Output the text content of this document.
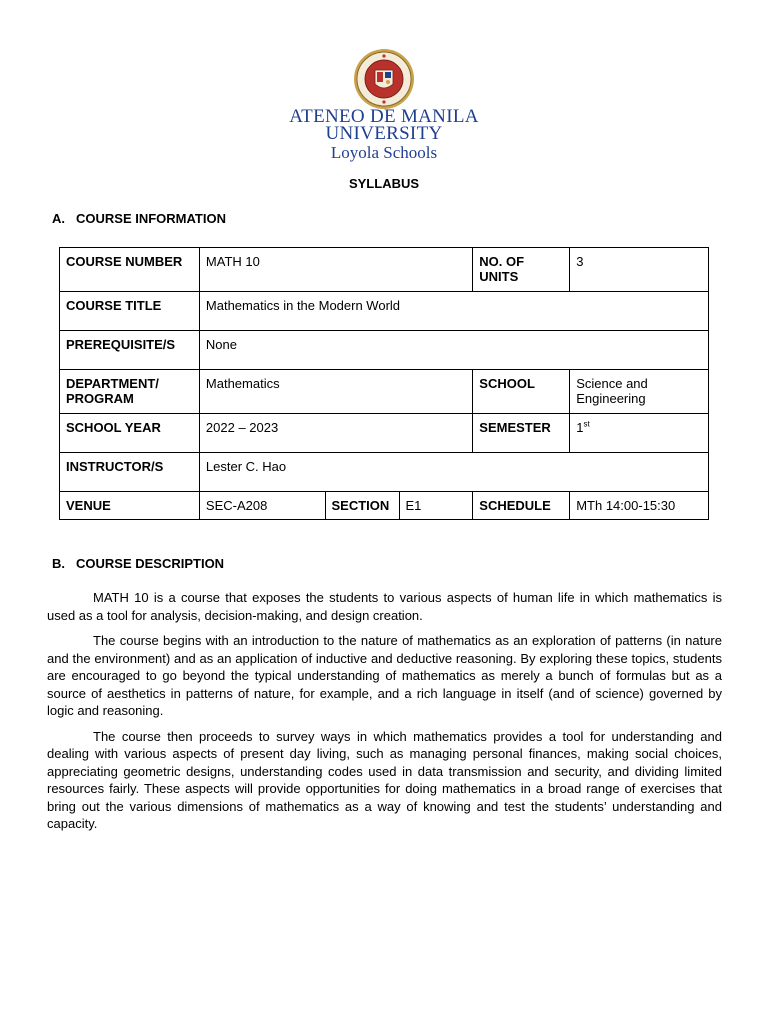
ATENEO DE MANILA
UNIVERSITY
Loyola Schools
SYLLABUS
A. COURSE INFORMATION
COURSE NUMBER	MATH 10			NO. OF UNITS	3
COURSE TITLE	Mathematics in the Modern World				
PREREQUISITE/S	None				
DEPARTMENT/ PROGRAM	Mathematics			SCHOOL	Science and Engineering
SCHOOL YEAR	2022 – 2023			SEMESTER	1st
INSTRUCTOR/S	Lester C. Hao				
VENUE	SEC-A208	SECTION	E1	SCHEDULE	MTh 14:00-15:30
B. COURSE DESCRIPTION

MATH 10 is a course that exposes the students to various aspects of human life in which mathematics is used as a tool for analysis, decision-making, and design creation.

The course begins with an introduction to the nature of mathematics as an exploration of patterns (in nature and the environment) and as an application of inductive and deductive reasoning. By exploring these topics, students are encouraged to go beyond the typical understanding of mathematics as merely a bunch of formulas but as a source of aesthetics in patterns of nature, for example, and a rich language in itself (and of science) governed by logic and reasoning.

The course then proceeds to survey ways in which mathematics provides a tool for understanding and dealing with various aspects of present day living, such as managing personal finances, making social choices, appreciating geometric designs, understanding codes used in data transmission and security, and dividing limited resources fairly. These aspects will provide opportunities for doing mathematics in a broad range of exercises that bring out the various dimensions of mathematics as a way of knowing and test the students’ understanding and capacity.
